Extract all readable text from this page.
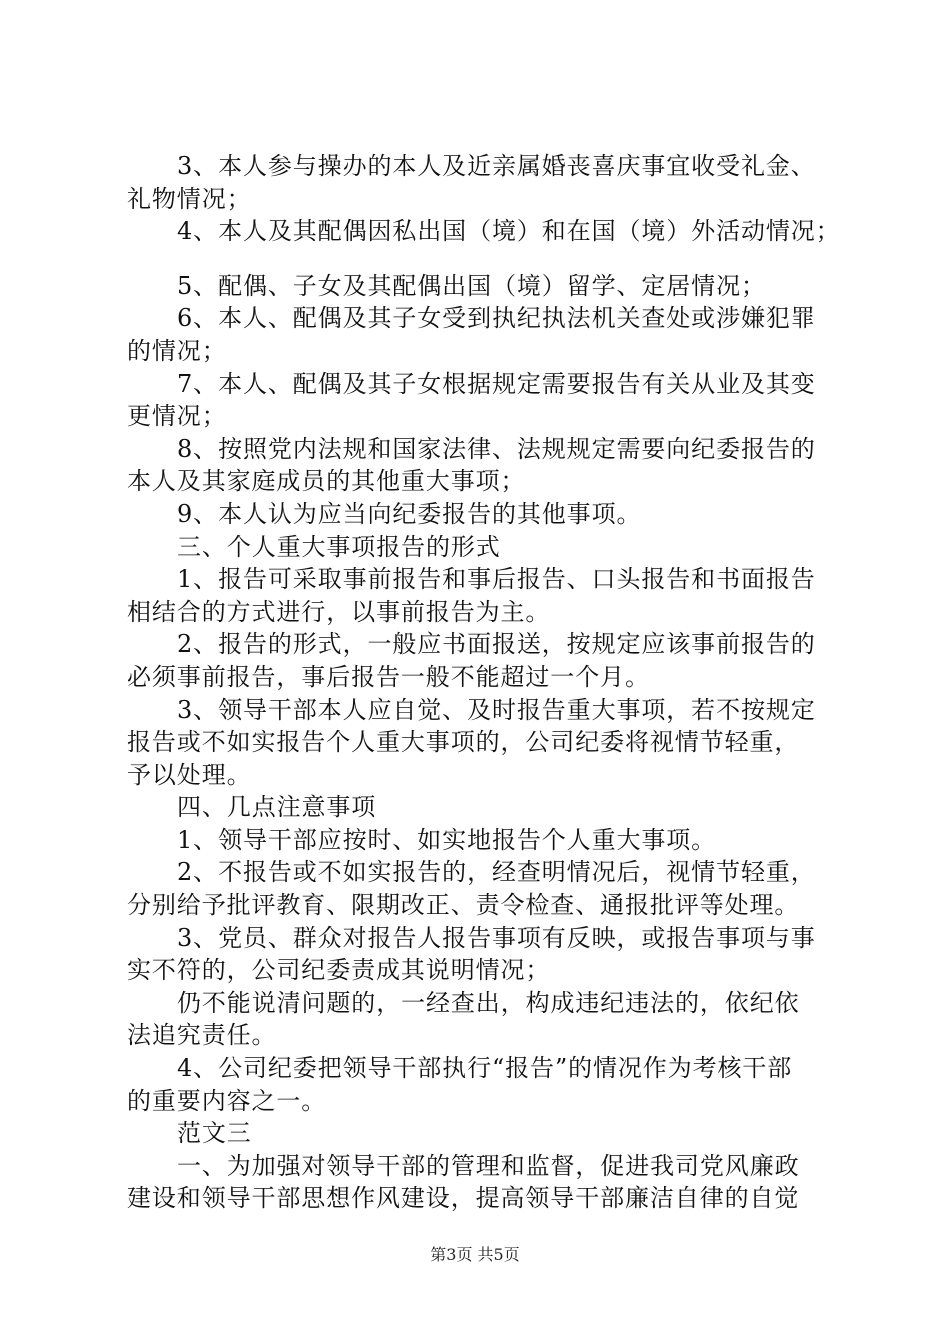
3、本人参与操办的本人及近亲属婚丧喜庆事宜收受礼金、
礼物情况；
4、本人及其配偶因私出国（境）和在国（境）外活动情况；
5、配偶、子女及其配偶出国（境）留学、定居情况；
6、本人、配偶及其子女受到执纪执法机关查处或涉嫌犯罪
的情况；
7、本人、配偶及其子女根据规定需要报告有关从业及其变
更情况；
8、按照党内法规和国家法律、法规规定需要向纪委报告的
本人及其家庭成员的其他重大事项；
9、本人认为应当向纪委报告的其他事项。
三、个人重大事项报告的形式
1、报告可采取事前报告和事后报告、口头报告和书面报告
相结合的方式进行，以事前报告为主。
2、报告的形式，一般应书面报送，按规定应该事前报告的
必须事前报告，事后报告一般不能超过一个月。
3、领导干部本人应自觉、及时报告重大事项，若不按规定
报告或不如实报告个人重大事项的，公司纪委将视情节轻重，
予以处理。
四、几点注意事项
1、领导干部应按时、如实地报告个人重大事项。
2、不报告或不如实报告的，经查明情况后，视情节轻重，
分别给予批评教育、限期改正、责令检查、通报批评等处理。
3、党员、群众对报告人报告事项有反映，或报告事项与事
实不符的，公司纪委责成其说明情况；
仍不能说清问题的，一经查出，构成违纪违法的，依纪依
法追究责任。
4、公司纪委把领导干部执行“报告”的情况作为考核干部
的重要内容之一。
范文三
一、为加强对领导干部的管理和监督，促进我司党风廉政
建设和领导干部思想作风建设，提高领导干部廉洁自律的自觉
第3页 共5页
